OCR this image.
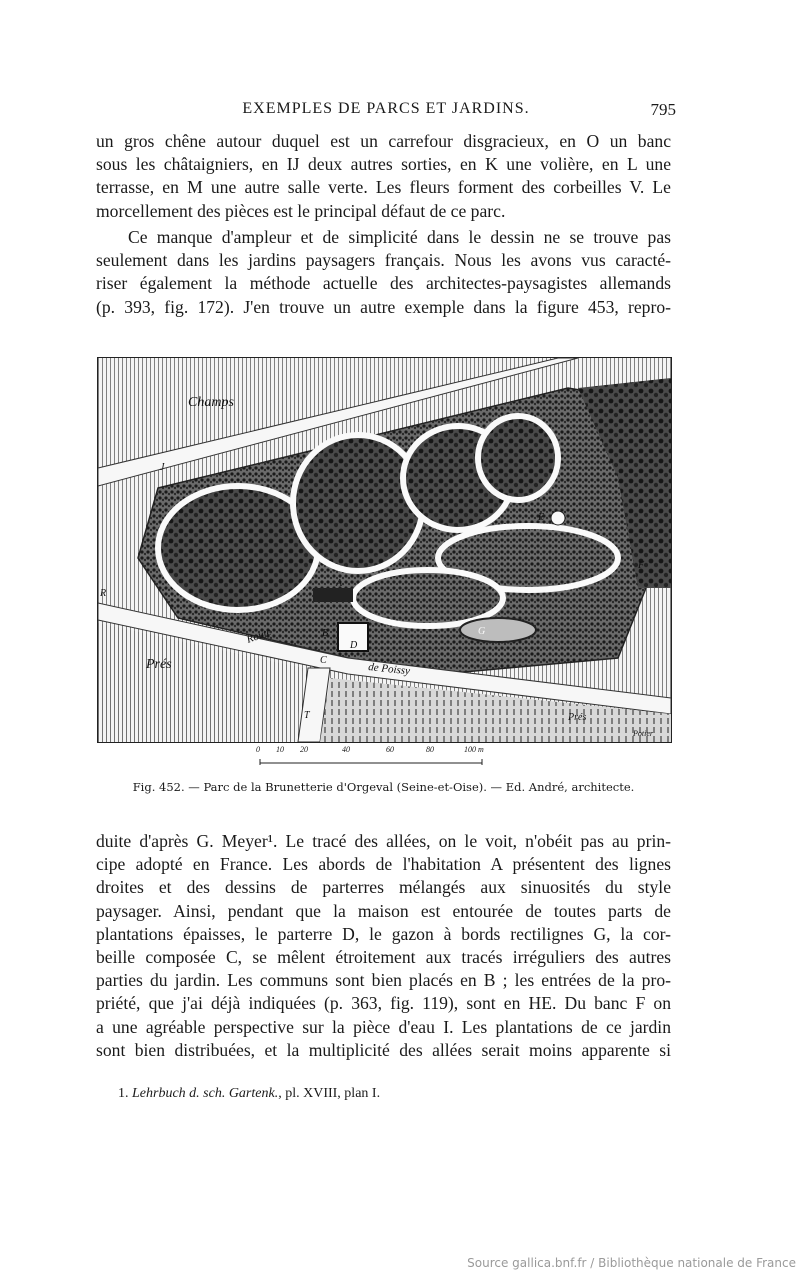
EXEMPLES DE PARCS ET JARDINS.	795

un gros chêne autour duquel est un carrefour disgracieux, en O un banc
sous les châtaigniers, en IJ deux autres sorties, en K une volière, en L une
terrasse, en M une autre salle verte. Les fleurs forment des corbeilles V. Le
morcellement des pièces est le principal défaut de ce parc.

Ce manque d'ampleur et de simplicité dans le dessin ne se trouve pas
seulement dans les jardins paysagers français. Nous les avons vus caracté-
riser également la méthode actuelle des architectes-paysagistes allemands
(p. 393, fig. 172). J'en trouve un autre exemple dans la figure 453, repro-

Champs
Prés
Route
de Poissy
Prés
Potier
J
A
B
C
D
E
F
G
R
T
0 10 20	40	60	80	100 m
Fig. 452. — Parc de la Brunetterie d'Orgeval (Seine-et-Oise). — Ed. André, architecte.

duite d'après G. Meyer¹. Le tracé des allées, on le voit, n'obéit pas au prin-
cipe adopté en France. Les abords de l'habitation A présentent des lignes
droites et des dessins de parterres mélangés aux sinuosités du style
paysager. Ainsi, pendant que la maison est entourée de toutes parts de
plantations épaisses, le parterre D, le gazon à bords rectilignes G, la cor-
beille composée C, se mêlent étroitement aux tracés irréguliers des autres
parties du jardin. Les communs sont bien placés en B ; les entrées de la pro-
priété, que j'ai déjà indiquées (p. 363, fig. 119), sont en HE. Du banc F on
a une agréable perspective sur la pièce d'eau I. Les plantations de ce jardin
sont bien distribuées, et la multiplicité des allées serait moins apparente si

1. Lehrbuch d. sch. Gartenk., pl. XVIII, plan I.
Source gallica.bnf.fr / Bibliothèque nationale de France
